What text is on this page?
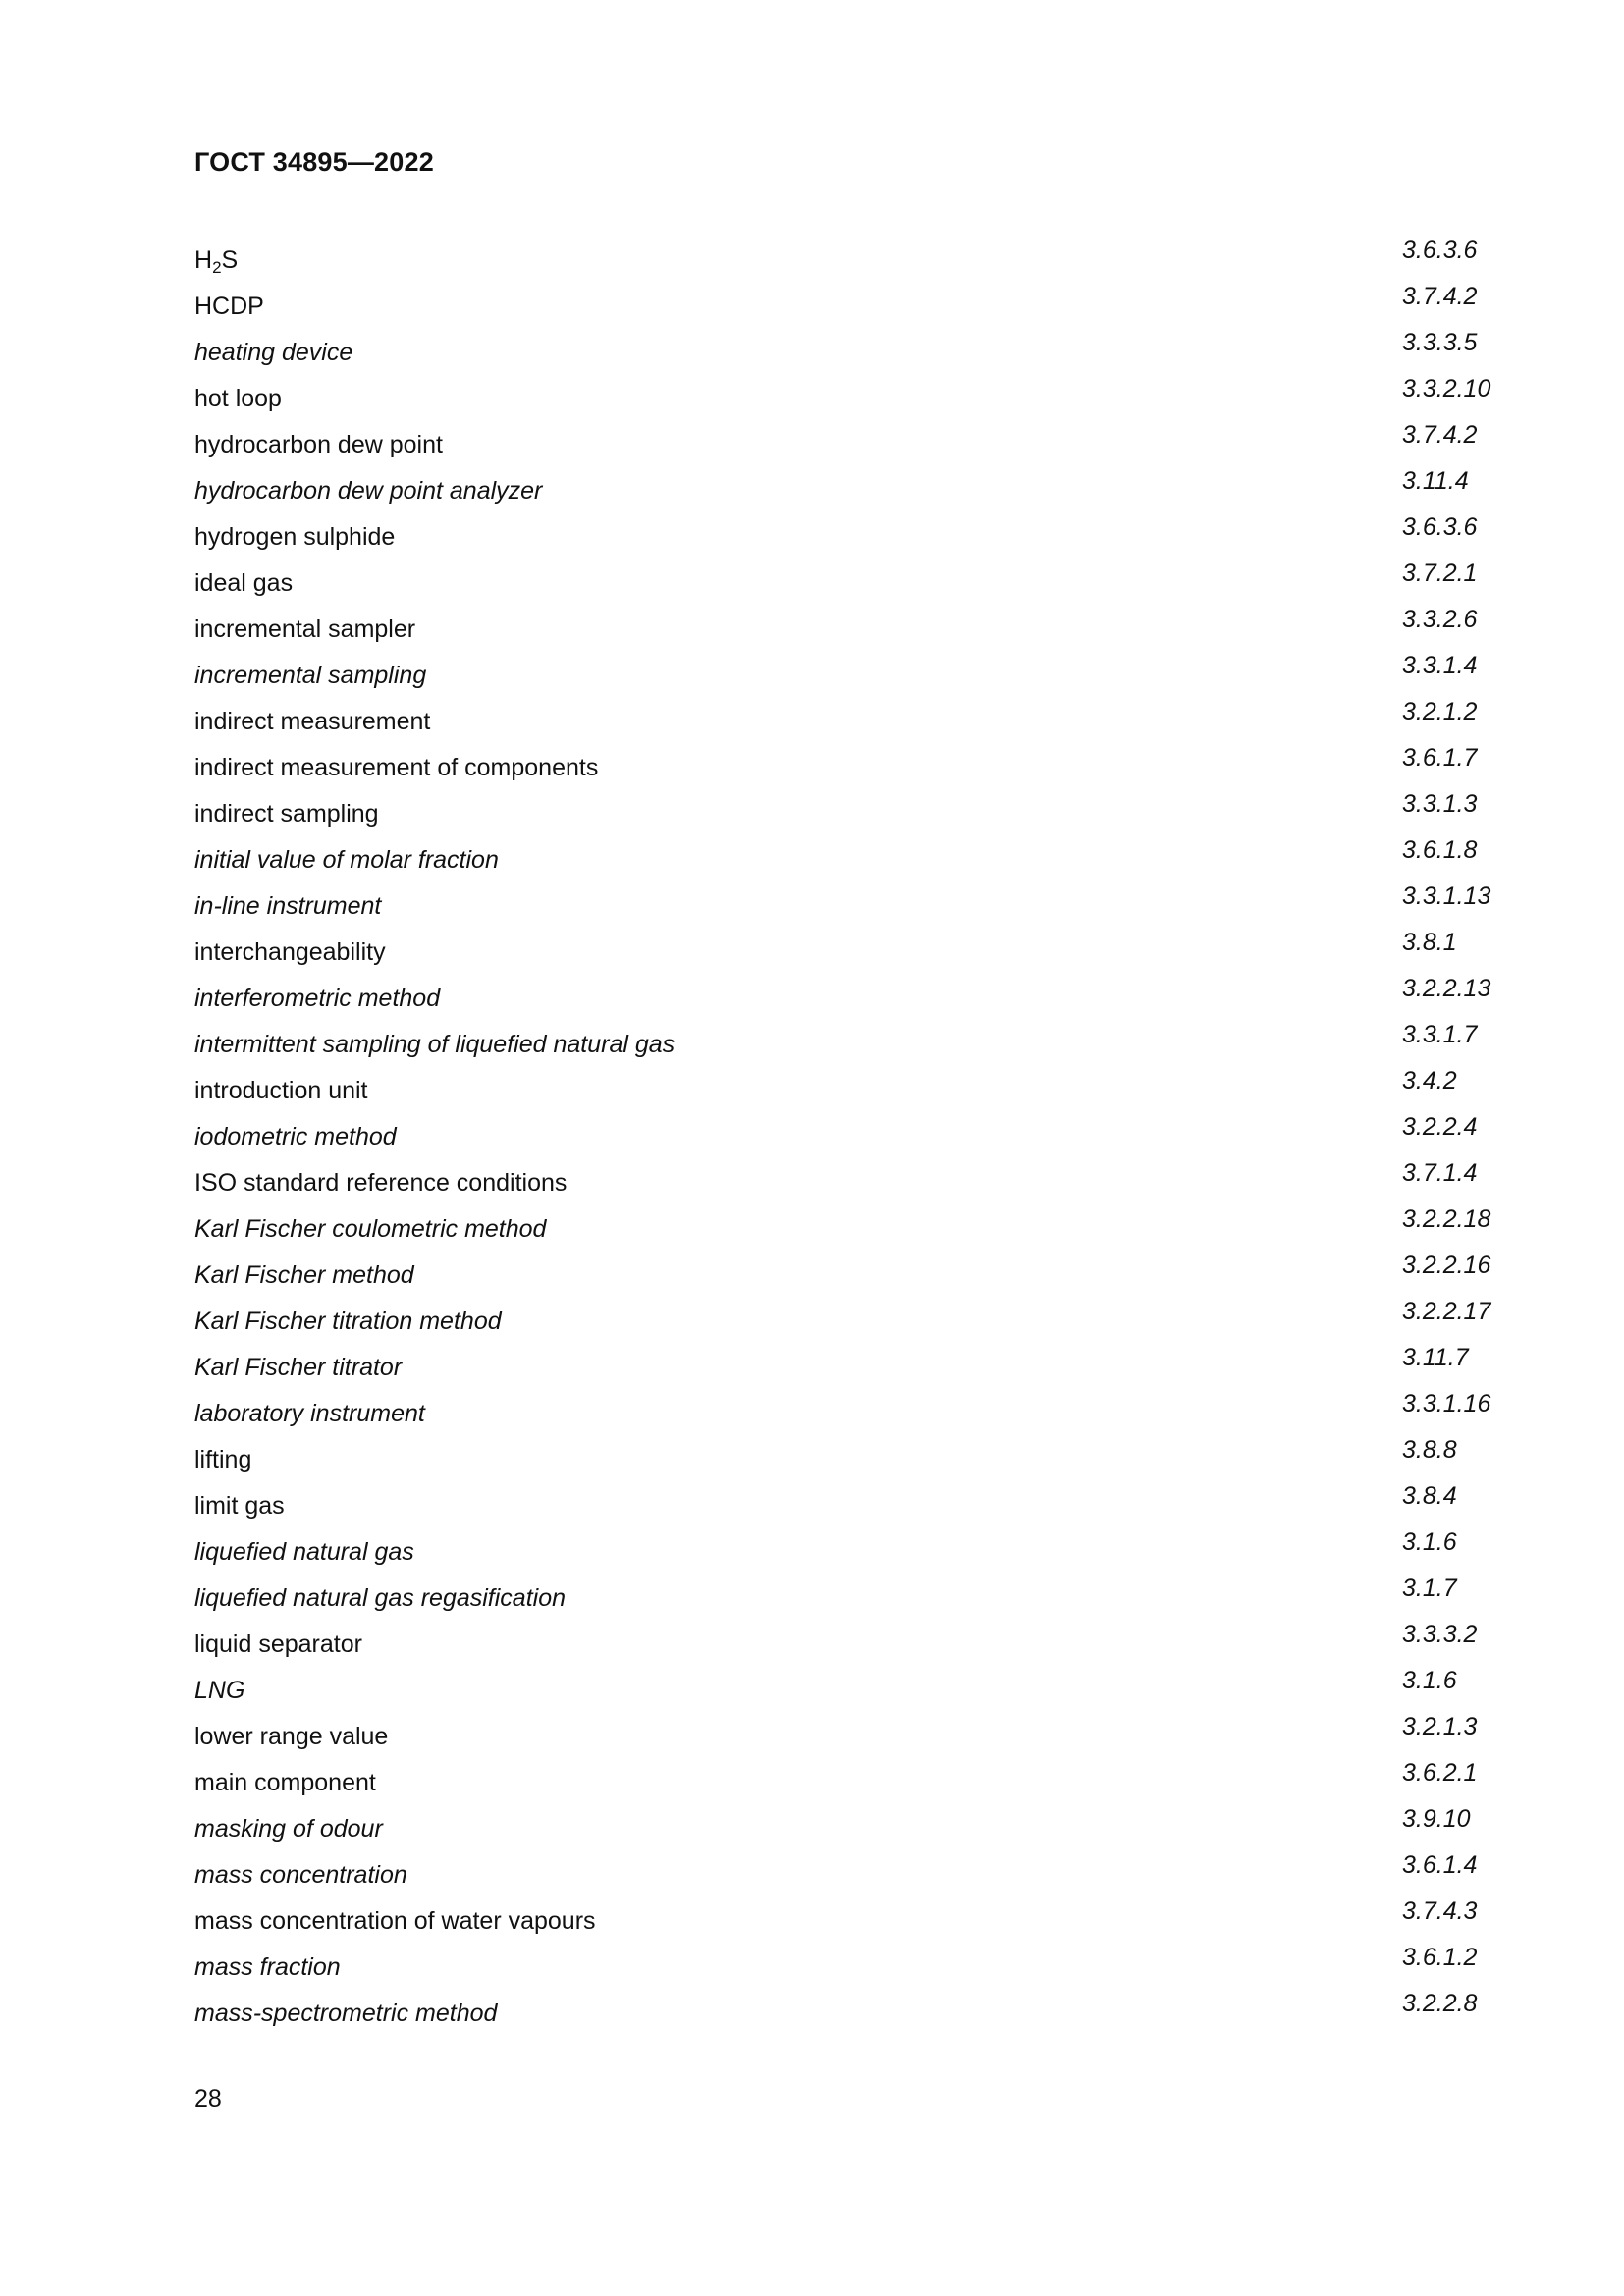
ГОСТ 34895—2022
$H_2S$	3.6.3.6
HCDP	3.7.4.2
heating device	3.3.3.5
hot loop	3.3.2.10
hydrocarbon dew point	3.7.4.2
hydrocarbon dew point analyzer	3.11.4
hydrogen sulphide	3.6.3.6
ideal gas	3.7.2.1
incremental sampler	3.3.2.6
incremental sampling	3.3.1.4
indirect measurement	3.2.1.2
indirect measurement of components	3.6.1.7
indirect sampling	3.3.1.3
initial value of molar fraction	3.6.1.8
in-line instrument	3.3.1.13
interchangeability	3.8.1
interferometric method	3.2.2.13
intermittent sampling of liquefied natural gas	3.3.1.7
introduction unit	3.4.2
iodometric method	3.2.2.4
ISO standard reference conditions	3.7.1.4
Karl Fischer coulometric method	3.2.2.18
Karl Fischer method	3.2.2.16
Karl Fischer titration method	3.2.2.17
Karl Fischer titrator	3.11.7
laboratory instrument	3.3.1.16
lifting	3.8.8
limit gas	3.8.4
liquefied natural gas	3.1.6
liquefied natural gas regasification	3.1.7
liquid separator	3.3.3.2
LNG	3.1.6
lower range value	3.2.1.3
main component	3.6.2.1
masking of odour	3.9.10
mass concentration	3.6.1.4
mass concentration of water vapours	3.7.4.3
mass fraction	3.6.1.2
mass-spectrometric method	3.2.2.8
28
